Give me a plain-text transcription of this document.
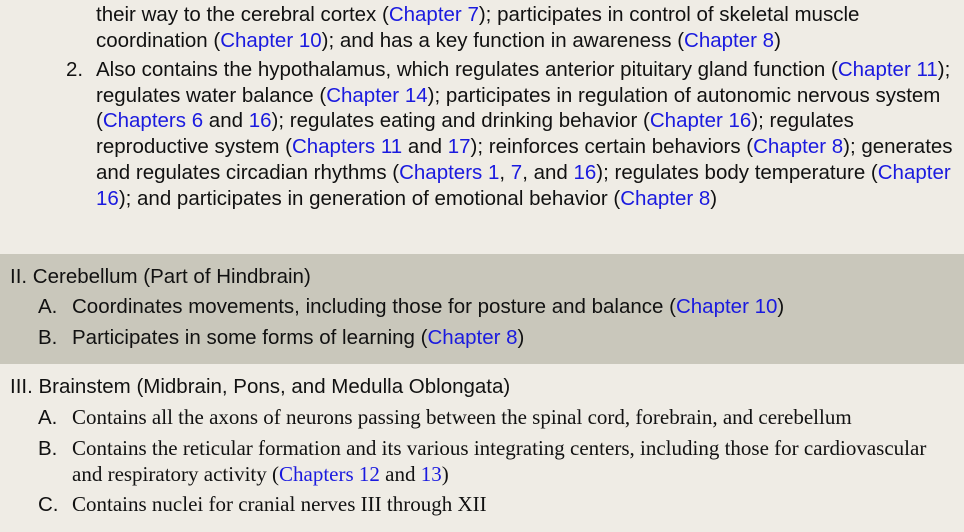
their way to the cerebral cortex (Chapter 7); participates in control of skeletal muscle coordination (Chapter 10); and has a key function in awareness (Chapter 8)
2. Also contains the hypothalamus, which regulates anterior pituitary gland function (Chapter 11); regulates water balance (Chapter 14); participates in regulation of autonomic nervous system (Chapters 6 and 16); regulates eating and drinking behavior (Chapter 16); regulates reproductive system (Chapters 11 and 17); reinforces certain behaviors (Chapter 8); generates and regulates circadian rhythms (Chapters 1, 7, and 16); regulates body temperature (Chapter 16); and participates in generation of emotional behavior (Chapter 8)
II. Cerebellum (Part of Hindbrain)
A. Coordinates movements, including those for posture and balance (Chapter 10)
B. Participates in some forms of learning (Chapter 8)
III. Brainstem (Midbrain, Pons, and Medulla Oblongata)
A. Contains all the axons of neurons passing between the spinal cord, forebrain, and cerebellum
B. Contains the reticular formation and its various integrating centers, including those for cardiovascular and respiratory activity (Chapters 12 and 13)
C. Contains nuclei for cranial nerves III through XII
